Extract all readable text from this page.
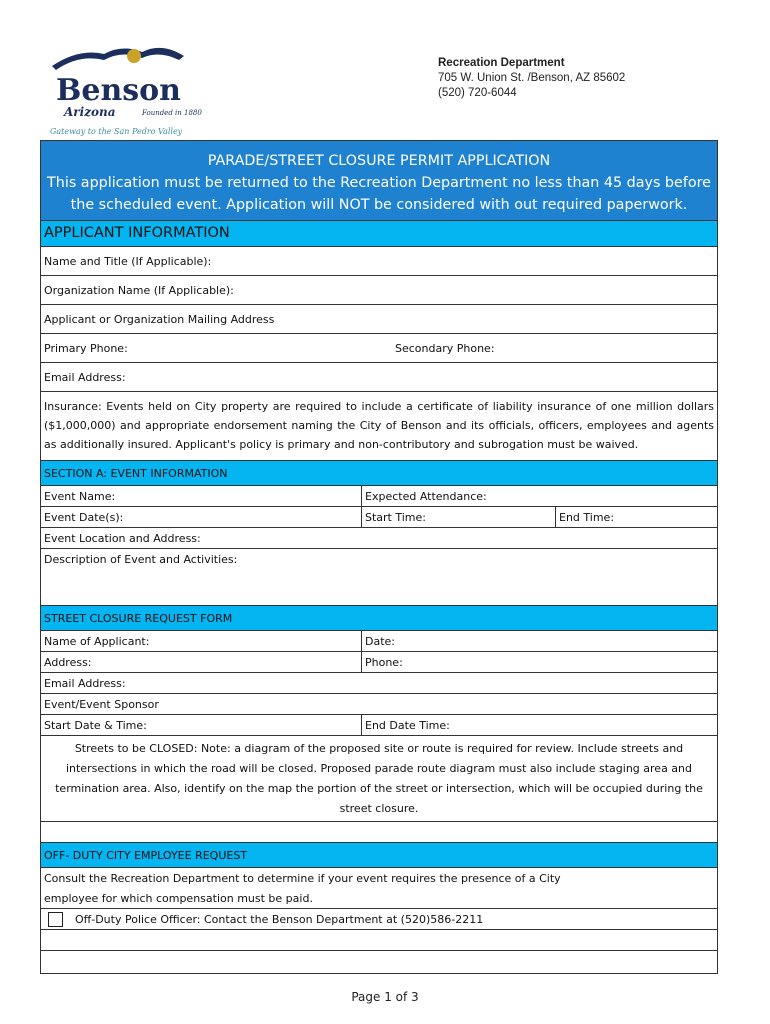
Benson
Arizona	Founded in 1880
Gateway to the San Pedro Valley
Recreation Department
705 W. Union St. /Benson, AZ 85602
(520) 720-6044
PARADE/STREET CLOSURE PERMIT APPLICATION
This application must be returned to the Recreation Department no less than 45 days before
the scheduled event. Application will NOT be considered with out required paperwork.
APPLICANT INFORMATION
Name and Title (If Applicable):
Organization Name (If Applicable):
Applicant or Organization Mailing Address
Primary Phone:	Secondary Phone:
Email Address:
Insurance: Events held on City property are required to include a certificate of liability insurance of one million dollars ($1,000,000) and appropriate endorsement naming the City of Benson and its officials, officers, employees and agents as additionally insured. Applicant's policy is primary and non-contributory and subrogation must be waived.
SECTION A: EVENT INFORMATION
Event Name:	Expected Attendance:
Event Date(s):	Start Time:	End Time:
Event Location and Address:
Description of Event and Activities:
STREET CLOSURE REQUEST FORM
Name of Applicant:	Date:
Address:	Phone:
Email Address:
Event/Event Sponsor
Start Date & Time:	End Date Time:
Streets to be CLOSED: Note: a diagram of the proposed site or route is required for review. Include streets and intersections in which the road will be closed. Proposed parade route diagram must also include staging area and termination area. Also, identify on the map the portion of the street or intersection, which will be occupied during the street closure.
OFF- DUTY CITY EMPLOYEE REQUEST
Consult the Recreation Department to determine if your event requires the presence of a City
employee for which compensation must be paid.
Off-Duty Police Officer: Contact the Benson Department at (520)586-2211
Page 1 of 3
